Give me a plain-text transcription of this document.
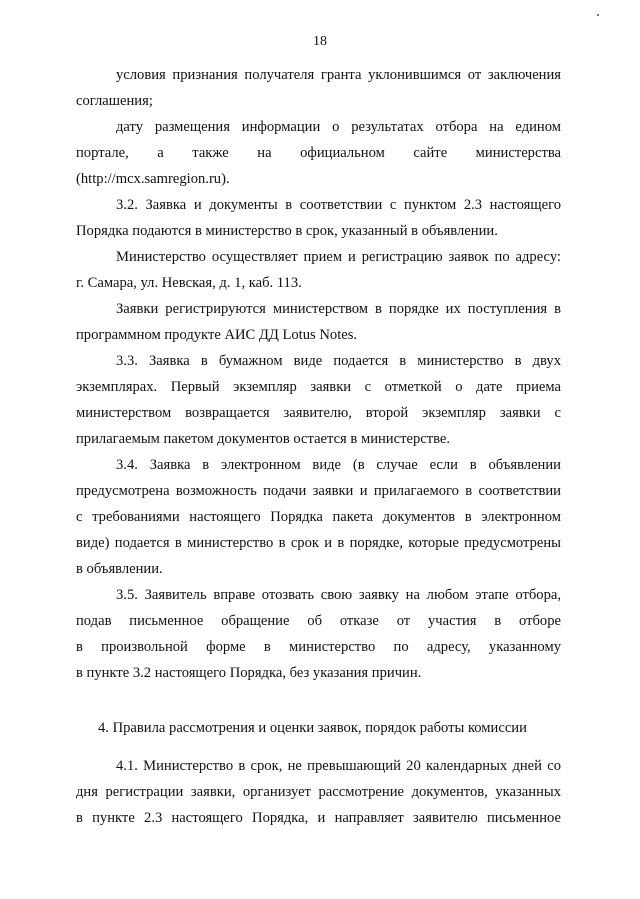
18
условия признания получателя гранта уклонившимся от заключения
соглашения;
дату размещения информации о результатах отбора на едином
портале, а также на официальном сайте министерства
(http://mcx.samregion.ru).
3.2. Заявка и документы в соответствии с пунктом 2.3 настоящего
Порядка подаются в министерство в срок, указанный в объявлении.
Министерство осуществляет прием и регистрацию заявок по адресу:
г. Самара, ул. Невская, д. 1, каб. 113.
Заявки регистрируются министерством в порядке их поступления в
программном продукте АИС ДД Lotus Notes.
3.3. Заявка в бумажном виде подается в министерство в двух
экземплярах. Первый экземпляр заявки с отметкой о дате приема
министерством возвращается заявителю, второй экземпляр заявки с
прилагаемым пакетом документов остается в министерстве.
3.4. Заявка в электронном виде (в случае если в объявлении
предусмотрена возможность подачи заявки и прилагаемого в соответствии
с требованиями настоящего Порядка пакета документов в электронном
виде) подается в министерство в срок и в порядке, которые предусмотрены
в объявлении.
3.5. Заявитель вправе отозвать свою заявку на любом этапе отбора,
подав письменное обращение об отказе от участия в отборе
в произвольной форме в министерство по адресу, указанному
в пункте 3.2 настоящего Порядка, без указания причин.
4. Правила рассмотрения и оценки заявок, порядок работы комиссии
4.1. Министерство в срок, не превышающий 20 календарных дней со
дня регистрации заявки, организует рассмотрение документов, указанных
в пункте 2.3 настоящего Порядка, и направляет заявителю письменное
